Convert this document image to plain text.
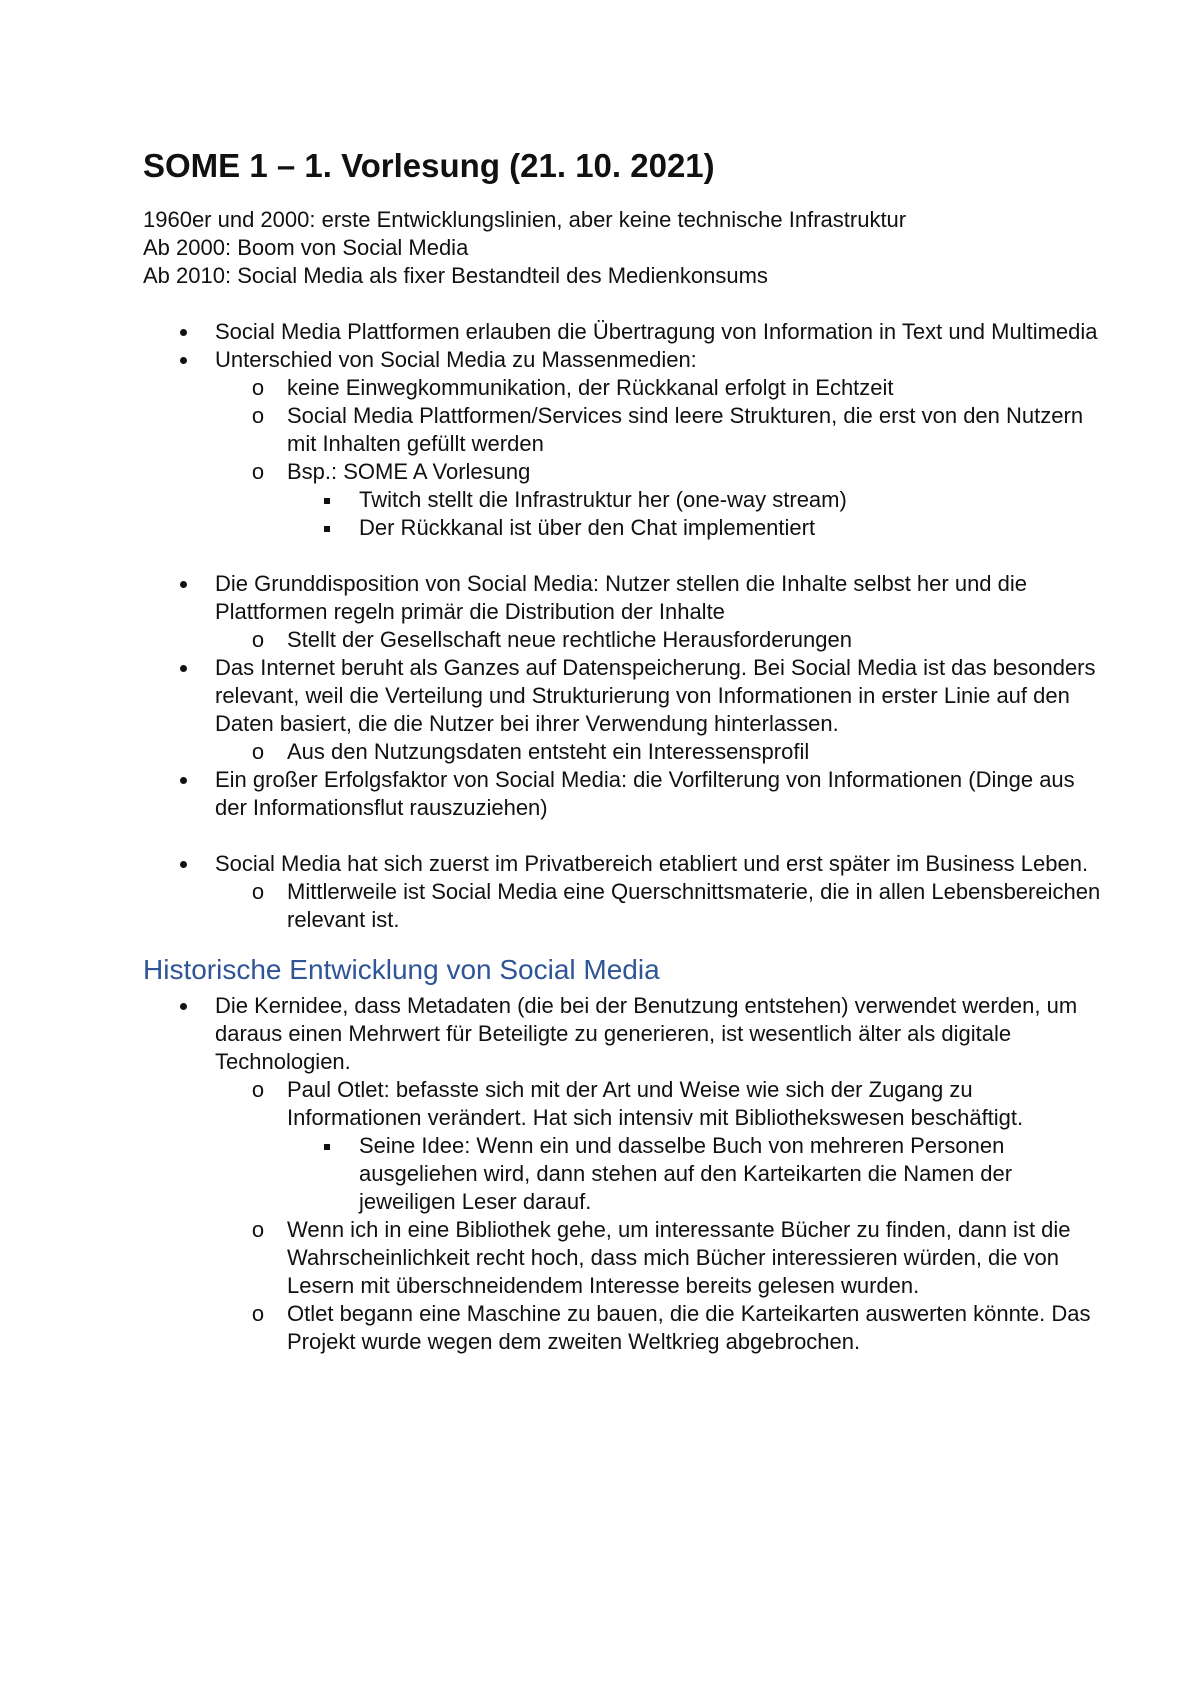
SOME 1 – 1. Vorlesung (21. 10. 2021)

1960er und 2000: erste Entwicklungslinien, aber keine technische Infrastruktur

Ab 2000: Boom von Social Media

Ab 2010: Social Media als fixer Bestandteil des Medienkonsums

Social Media Plattformen erlauben die Übertragung von Information in Text und Multimedia
Unterschied von Social Media zu Massenmedien:
o	keine Einwegkommunikation, der Rückkanal erfolgt in Echtzeit
o	Social Media Plattformen/Services sind leere Strukturen, die erst von den Nutzern mit Inhalten gefüllt werden
o	Bsp.: SOME A Vorlesung
Twitch stellt die Infrastruktur her (one-way stream)
Der Rückkanal ist über den Chat implementiert
Die Grunddisposition von Social Media: Nutzer stellen die Inhalte selbst her und die Plattformen regeln primär die Distribution der Inhalte
o	Stellt der Gesellschaft neue rechtliche Herausforderungen
Das Internet beruht als Ganzes auf Datenspeicherung. Bei Social Media ist das besonders relevant, weil die Verteilung und Strukturierung von Informationen in erster Linie auf den Daten basiert, die die Nutzer bei ihrer Verwendung hinterlassen.
o	Aus den Nutzungsdaten entsteht ein Interessensprofil
Ein großer Erfolgsfaktor von Social Media: die Vorfilterung von Informationen (Dinge aus der Informationsflut rauszuziehen)
Social Media hat sich zuerst im Privatbereich etabliert und erst später im Business Leben.
o	Mittlerweile ist Social Media eine Querschnittsmaterie, die in allen Lebensbereichen relevant ist.
Historische Entwicklung von Social Media
Die Kernidee, dass Metadaten (die bei der Benutzung entstehen) verwendet werden, um daraus einen Mehrwert für Beteiligte zu generieren, ist wesentlich älter als digitale Technologien.
o	Paul Otlet: befasste sich mit der Art und Weise wie sich der Zugang zu Informationen verändert. Hat sich intensiv mit Bibliothekswesen beschäftigt.
Seine Idee: Wenn ein und dasselbe Buch von mehreren Personen ausgeliehen wird, dann stehen auf den Karteikarten die Namen der jeweiligen Leser darauf.
o	Wenn ich in eine Bibliothek gehe, um interessante Bücher zu finden, dann ist die Wahrscheinlichkeit recht hoch, dass mich Bücher interessieren würden, die von Lesern mit überschneidendem Interesse bereits gelesen wurden.
o	Otlet begann eine Maschine zu bauen, die die Karteikarten auswerten könnte. Das Projekt wurde wegen dem zweiten Weltkrieg abgebrochen.
